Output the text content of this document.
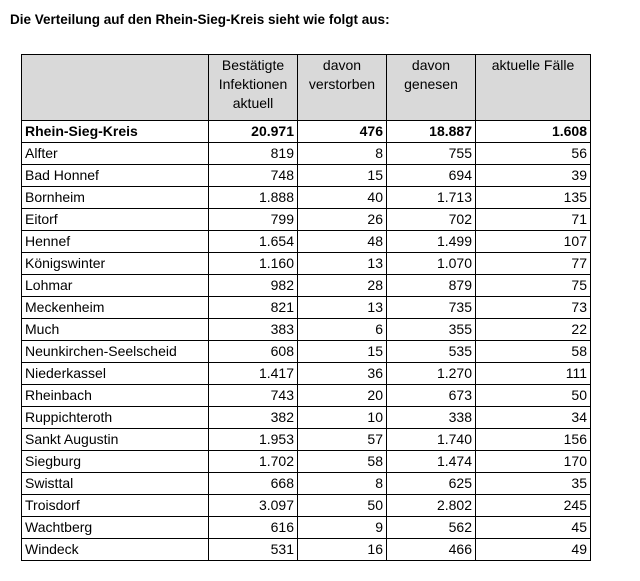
Die Verteilung auf den Rhein-Sieg-Kreis sieht wie folgt aus:
	Bestätigte Infektionen aktuell	davon verstorben	davon genesen	aktuelle Fälle
Rhein-Sieg-Kreis	20.971	476	18.887	1.608
Alfter	819	8	755	56
Bad Honnef	748	15	694	39
Bornheim	1.888	40	1.713	135
Eitorf	799	26	702	71
Hennef	1.654	48	1.499	107
Königswinter	1.160	13	1.070	77
Lohmar	982	28	879	75
Meckenheim	821	13	735	73
Much	383	6	355	22
Neunkirchen-Seelscheid	608	15	535	58
Niederkassel	1.417	36	1.270	111
Rheinbach	743	20	673	50
Ruppichteroth	382	10	338	34
Sankt Augustin	1.953	57	1.740	156
Siegburg	1.702	58	1.474	170
Swisttal	668	8	625	35
Troisdorf	3.097	50	2.802	245
Wachtberg	616	9	562	45
Windeck	531	16	466	49
